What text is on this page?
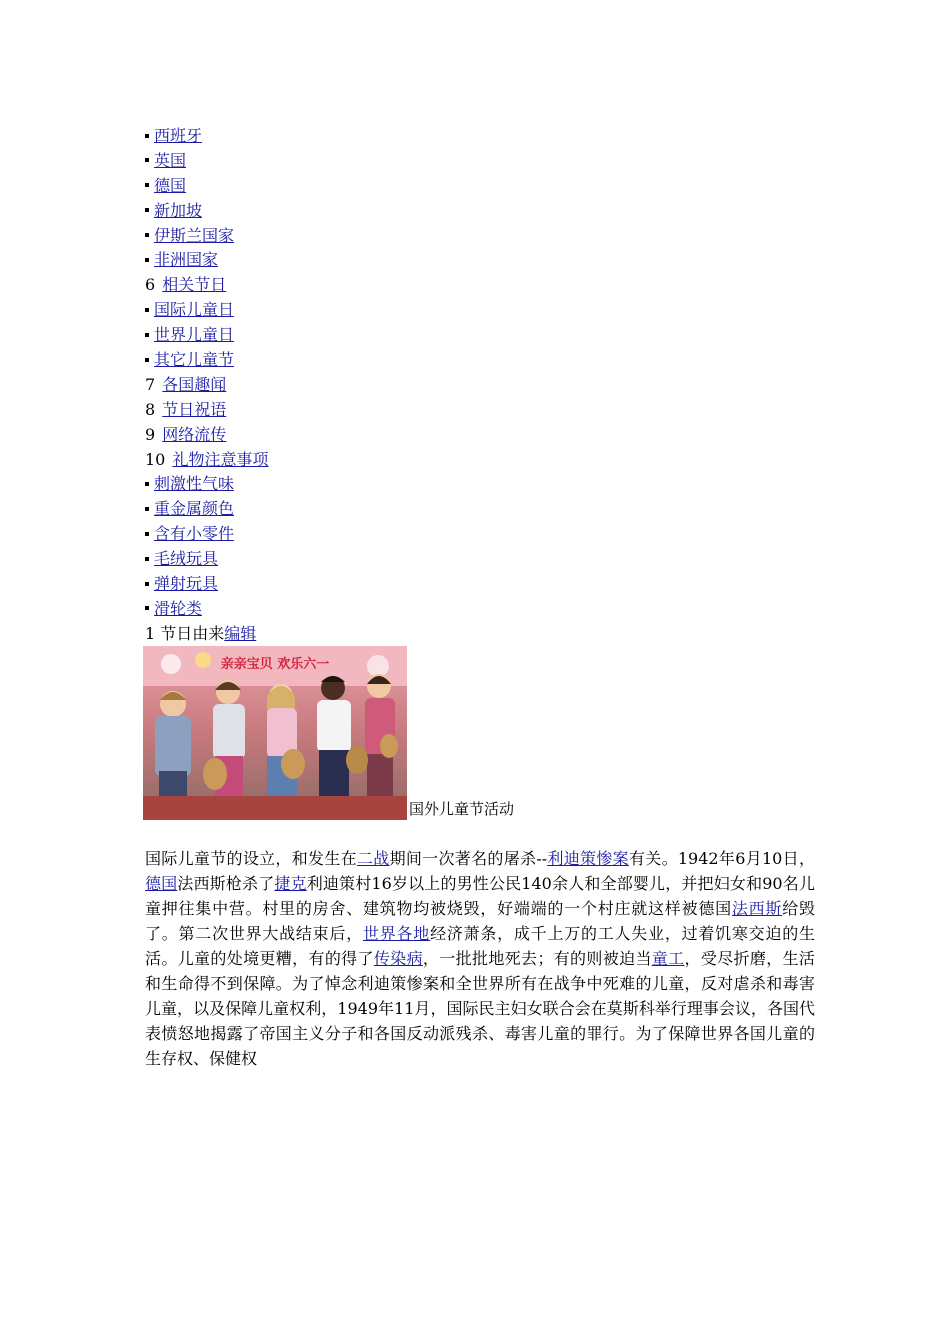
西班牙
英国
德国
新加坡
伊斯兰国家
非洲国家
6 相关节日
国际儿童日
世界儿童日
其它儿童节
7 各国趣闻
8 节日祝语
9 网络流传
10 礼物注意事项
刺激性气味
重金属颜色
含有小零件
毛绒玩具
弹射玩具
滑轮类
1 节日由来编辑
亲亲宝贝 欢乐六一
国外儿童节活动
国际儿童节的设立，和发生在二战期间一次著名的屠杀--利迪策惨案有关。1942年6月10日，德国法西斯枪杀了捷克利迪策村16岁以上的男性公民140余人和全部婴儿，并把妇女和90名儿童押往集中营。村里的房舍、建筑物均被烧毁，好端端的一个村庄就这样被德国法西斯给毁了。第二次世界大战结束后，世界各地经济萧条，成千上万的工人失业，过着饥寒交迫的生活。儿童的处境更糟，有的得了传染病，一批批地死去；有的则被迫当童工，受尽折磨，生活和生命得不到保障。为了悼念利迪策惨案和全世界所有在战争中死难的儿童，反对虐杀和毒害儿童，以及保障儿童权利，1949年11月，国际民主妇女联合会在莫斯科举行理事会议，各国代表愤怒地揭露了帝国主义分子和各国反动派残杀、毒害儿童的罪行。为了保障世界各国儿童的生存权、保健权
